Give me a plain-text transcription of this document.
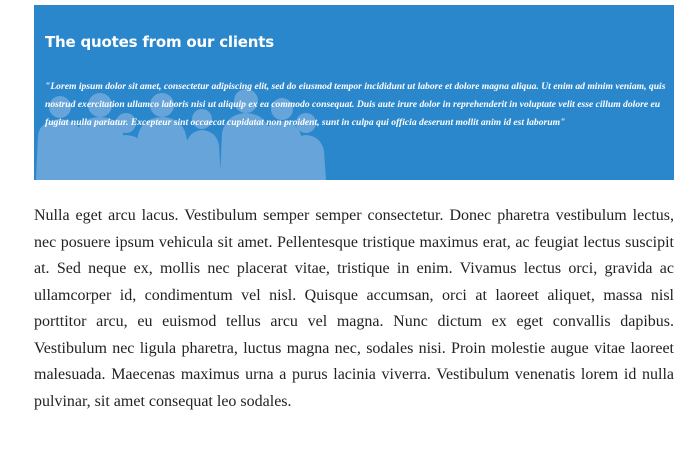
The quotes from our clients

"Lorem ipsum dolor sit amet, consectetur adipiscing elit, sed do eiusmod tempor incididunt ut labore et dolore magna aliqua. Ut enim ad minim veniam, quis nostrud exercitation ullamco laboris nisi ut aliquip ex ea commodo consequat. Duis aute irure dolor in reprehenderit in voluptate velit esse cillum dolore eu fugiat nulla pariatur. Excepteur sint occaecat cupidatat non proident, sunt in culpa qui officia deserunt mollit anim id est laborum"

Nulla eget arcu lacus. Vestibulum semper semper consectetur. Donec pharetra vestibulum lectus, nec posuere ipsum vehicula sit amet. Pellentesque tristique maximus erat, ac feugiat lectus suscipit at. Sed neque ex, mollis nec placerat vitae, tristique in enim. Vivamus lectus orci, gravida ac ullamcorper id, condimentum vel nisl. Quisque accumsan, orci at laoreet aliquet, massa nisl porttitor arcu, eu euismod tellus arcu vel magna. Nunc dictum ex eget convallis dapibus. Vestibulum nec ligula pharetra, luctus magna nec, sodales nisi. Proin molestie augue vitae laoreet malesuada. Maecenas maximus urna a purus lacinia viverra. Vestibulum venenatis lorem id nulla pulvinar, sit amet consequat leo sodales.
